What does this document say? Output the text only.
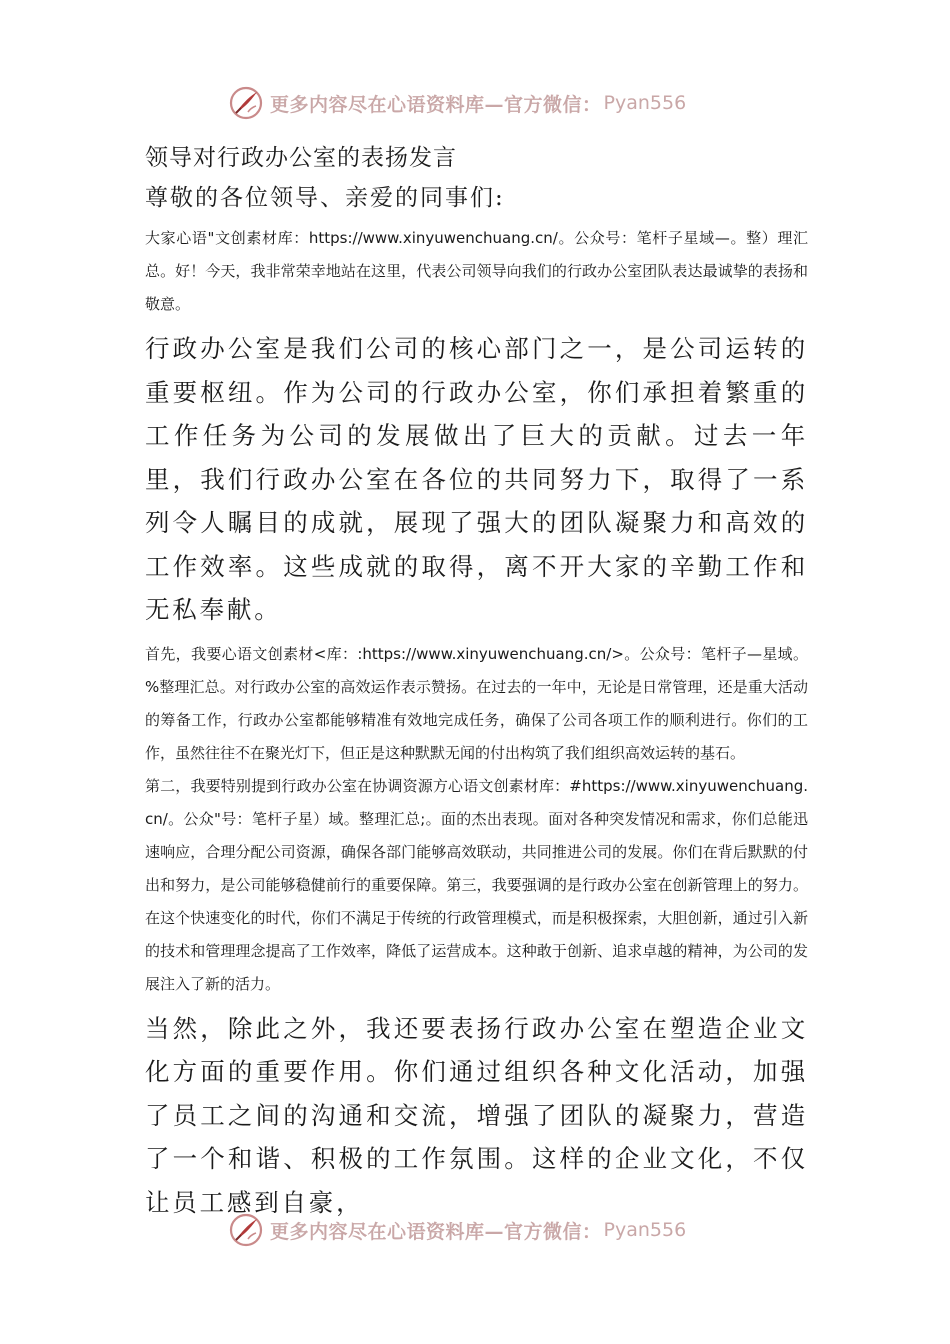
更多内容尽在心语资料库—官方微信： Pyan556

领导对行政办公室的表扬发言

尊敬的各位领导、亲爱的同事们:

大家心语"文创素材库：https://www.xinyuwenchuang.cn/。公众号：笔杆子星域—。整）理汇总。好！今天，我非常荣幸地站在这里，代表公司领导向我们的行政办公室团队表达最诚挚的表扬和敬意。

行政办公室是我们公司的核心部门之一，是公司运转的重要枢纽。作为公司的行政办公室，你们承担着繁重的工作任务为公司的发展做出了巨大的贡献。过去一年里，我们行政办公室在各位的共同努力下，取得了一系列令人瞩目的成就，展现了强大的团队凝聚力和高效的工作效率。这些成就的取得，离不开大家的辛勤工作和无私奉献。

首先，我要心语文创素材<库：:https://www.xinyuwenchuang.cn/>。公众号：笔杆子—星域。%整理汇总。对行政办公室的高效运作表示赞扬。在过去的一年中，无论是日常管理，还是重大活动的筹备工作，行政办公室都能够精准有效地完成任务，确保了公司各项工作的顺利进行。你们的工作，虽然往往不在聚光灯下，但正是这种默默无闻的付出构筑了我们组织高效运转的基石。

第二，我要特别提到行政办公室在协调资源方心语文创素材库：#https://www.xinyuwenchuang.cn/。公众"号：笔杆子星）域。整理汇总;。面的杰出表现。面对各种突发情况和需求，你们总能迅速响应，合理分配公司资源，确保各部门能够高效联动，共同推进公司的发展。你们在背后默默的付出和努力，是公司能够稳健前行的重要保障。第三，我要强调的是行政办公室在创新管理上的努力。在这个快速变化的时代，你们不满足于传统的行政管理模式，而是积极探索，大胆创新，通过引入新的技术和管理理念提高了工作效率，降低了运营成本。这种敢于创新、追求卓越的精神，为公司的发展注入了新的活力。

当然，除此之外，我还要表扬行政办公室在塑造企业文化方面的重要作用。你们通过组织各种文化活动，加强了员工之间的沟通和交流，增强了团队的凝聚力，营造了一个和谐、积极的工作氛围。这样的企业文化，不仅让员工感到自豪，

更多内容尽在心语资料库—官方微信： Pyan556
